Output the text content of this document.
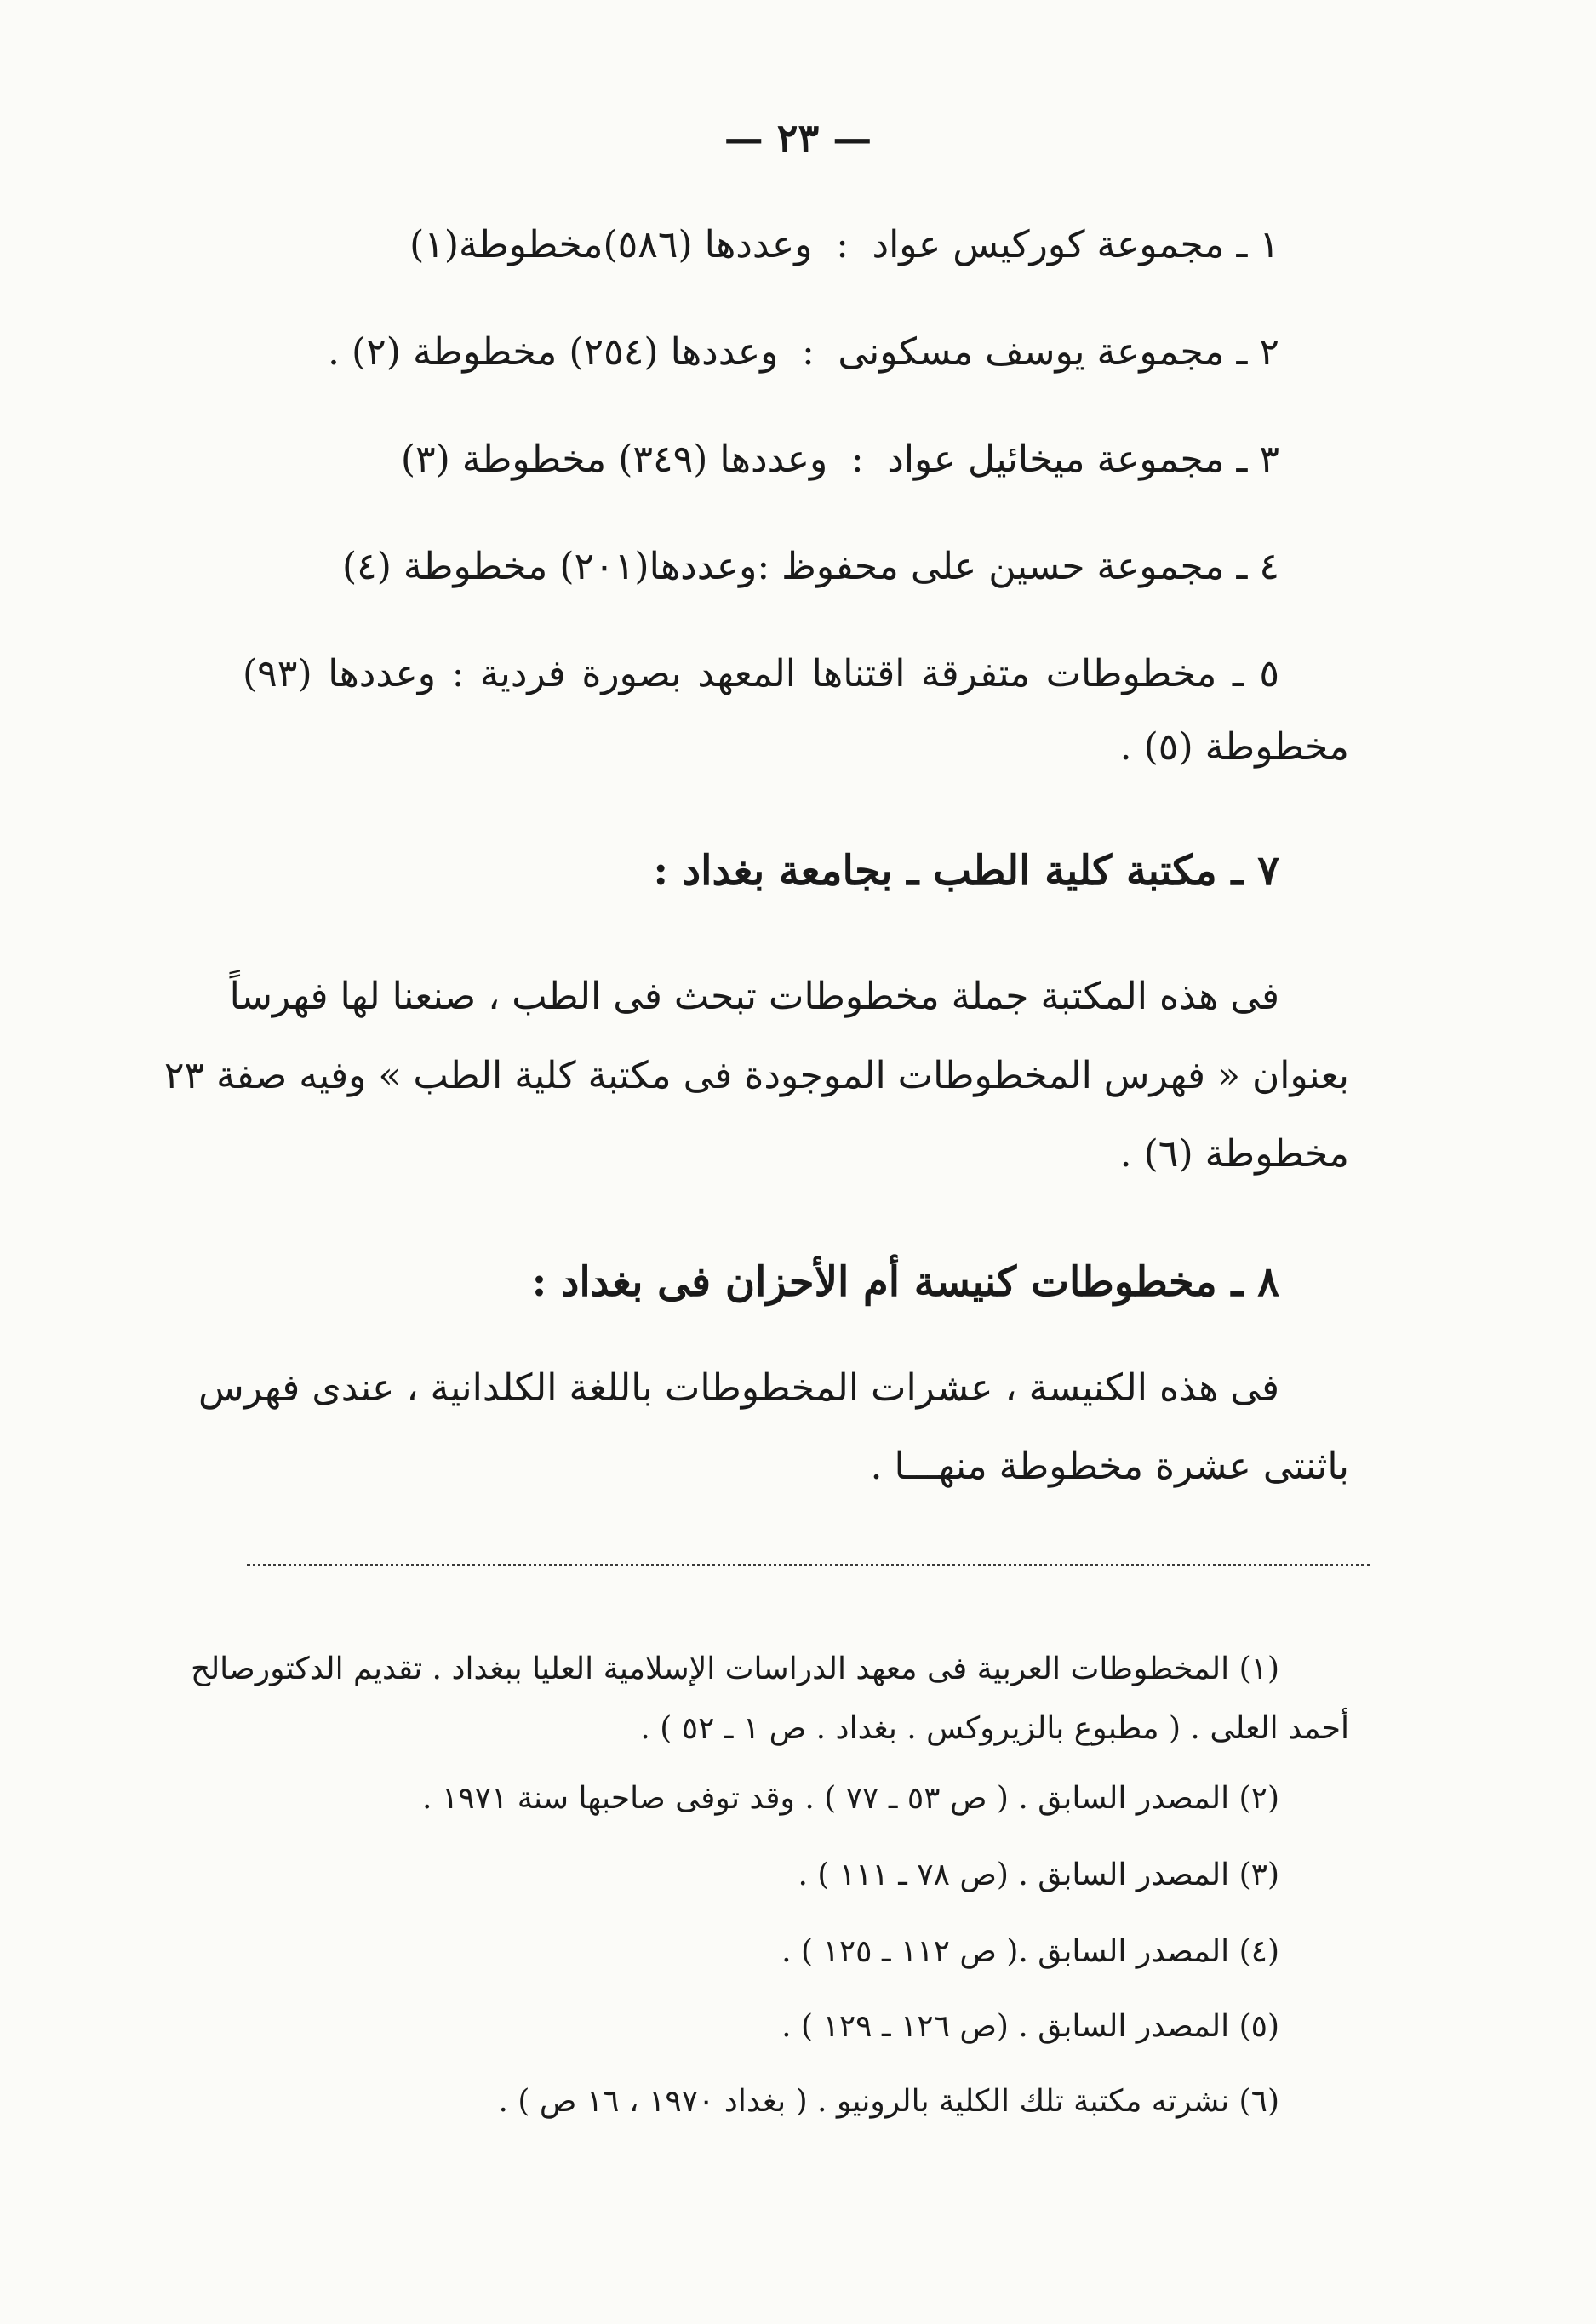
— ٢٣ —
١ ـ مجموعة كوركيس عواد:وعددها (٥٨٦)مخطوطة(١)
٢ ـ مجموعة يوسف مسكونى:وعددها (٢٥٤) مخطوطة (٢) .
٣ ـ مجموعة ميخائيل عواد:وعددها (٣٤٩) مخطوطة (٣)
٤ ـ مجموعة حسين على محفوظ :وعددها(٢٠١) مخطوطة (٤)
٥ ـ مخطوطات متفرقة اقتناها المعهد بصورة فردية : وعددها (٩٣)
مخطوطة (٥) .
٧ ـ مكتبة كلية الطب ـ بجامعة بغداد :
فى هذه المكتبة جملة مخطوطات تبحث فى الطب ، صنعنا لها فهرساً
بعنوان « فهرس المخطوطات الموجودة فى مكتبة كلية الطب » وفيه صفة ٢٣
مخطوطة (٦) .
٨ ـ مخطوطات كنيسة أم الأحزان فى بغداد :
فى هذه الكنيسة ، عشرات المخطوطات باللغة الكلدانية ، عندى فهرس
باثنتى عشرة مخطوطة منهـــا .
(١) المخطوطات العربية فى معهد الدراسات الإسلامية العليا ببغداد . تقديم الدكتورصالح
أحمد العلى . ( مطبوع بالزيروكس . بغداد . ص ١ ـ ٥٢ ) .
(٢) المصدر السابق . ( ص ٥٣ ـ ٧٧ ) . وقد توفى صاحبها سنة ١٩٧١ .
(٣) المصدر السابق . (ص ٧٨ ـ ١١١ ) .
(٤) المصدر السابق .( ص ١١٢ ـ ١٢٥ ) .
(٥) المصدر السابق . (ص ١٢٦ ـ ١٢٩ ) .
(٦) نشرته مكتبة تلك الكلية بالرونيو . ( بغداد ١٩٧٠ ، ١٦ ص ) .
